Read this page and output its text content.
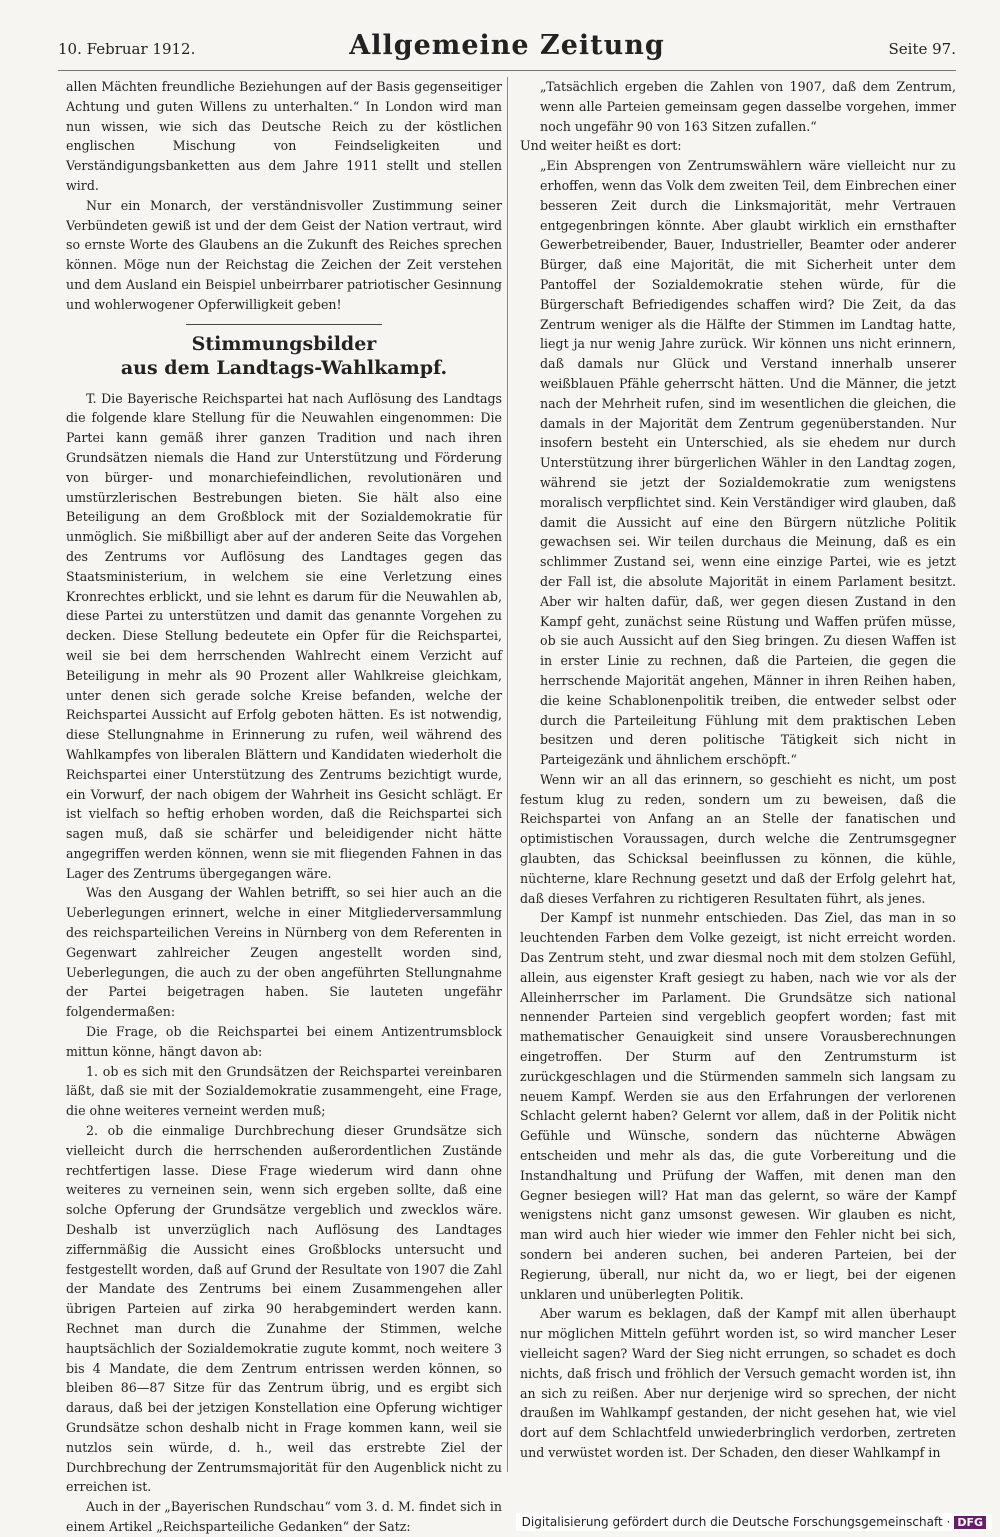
10. Februar 1912.	Allgemeine Zeitung	Seite 97.

allen Mächten freundliche Beziehungen auf der Basis gegenseitiger Achtung und guten Willens zu unterhalten.“ In London wird man nun wissen, wie sich das Deutsche Reich zu der köstlichen englischen Mischung von Feindseligkeiten und Verständigungsbanketten aus dem Jahre 1911 stellt und stellen wird.

Nur ein Monarch, der verständnisvoller Zustimmung seiner Verbündeten gewiß ist und der dem Geist der Nation vertraut, wird so ernste Worte des Glaubens an die Zukunft des Reiches sprechen können. Möge nun der Reichstag die Zeichen der Zeit verstehen und dem Ausland ein Beispiel unbeirrbarer patriotischer Gesinnung und wohlerwogener Opferwilligkeit geben!

Stimmungsbilder
aus dem Landtags-Wahlkampf.

T. Die Bayerische Reichspartei hat nach Auflösung des Landtags die folgende klare Stellung für die Neuwahlen eingenommen: Die Partei kann gemäß ihrer ganzen Tradition und nach ihren Grundsätzen niemals die Hand zur Unterstützung und Förderung von bürger- und monarchiefeindlichen, revolutionären und umstürzlerischen Bestrebungen bieten. Sie hält also eine Beteiligung an dem Großblock mit der Sozialdemokratie für unmöglich. Sie mißbilligt aber auf der anderen Seite das Vorgehen des Zentrums vor Auflösung des Landtages gegen das Staatsministerium, in welchem sie eine Verletzung eines Kronrechtes erblickt, und sie lehnt es darum für die Neuwahlen ab, diese Partei zu unterstützen und damit das genannte Vorgehen zu decken. Diese Stellung bedeutete ein Opfer für die Reichspartei, weil sie bei dem herrschenden Wahlrecht einem Verzicht auf Beteiligung in mehr als 90 Prozent aller Wahlkreise gleichkam, unter denen sich gerade solche Kreise befanden, welche der Reichspartei Aussicht auf Erfolg geboten hätten. Es ist notwendig, diese Stellungnahme in Erinnerung zu rufen, weil während des Wahlkampfes von liberalen Blättern und Kandidaten wiederholt die Reichspartei einer Unterstützung des Zentrums bezichtigt wurde, ein Vorwurf, der nach obigem der Wahrheit ins Gesicht schlägt. Er ist vielfach so heftig erhoben worden, daß die Reichspartei sich sagen muß, daß sie schärfer und beleidigender nicht hätte angegriffen werden können, wenn sie mit fliegenden Fahnen in das Lager des Zentrums übergegangen wäre.

Was den Ausgang der Wahlen betrifft, so sei hier auch an die Ueberlegungen erinnert, welche in einer Mitgliederversammlung des reichsparteilichen Vereins in Nürnberg von dem Referenten in Gegenwart zahlreicher Zeugen angestellt worden sind, Ueberlegungen, die auch zu der oben angeführten Stellungnahme der Partei beigetragen haben. Sie lauteten ungefähr folgendermaßen:

Die Frage, ob die Reichspartei bei einem Antizentrumsblock mittun könne, hängt davon ab:

1. ob es sich mit den Grundsätzen der Reichspartei vereinbaren läßt, daß sie mit der Sozialdemokratie zusammengeht, eine Frage, die ohne weiteres verneint werden muß;

2. ob die einmalige Durchbrechung dieser Grundsätze sich vielleicht durch die herrschenden außerordentlichen Zustände rechtfertigen lasse. Diese Frage wiederum wird dann ohne weiteres zu verneinen sein, wenn sich ergeben sollte, daß eine solche Opferung der Grundsätze vergeblich und zwecklos wäre. Deshalb ist unverzüglich nach Auflösung des Landtages ziffernmäßig die Aussicht eines Großblocks untersucht und festgestellt worden, daß auf Grund der Resultate von 1907 die Zahl der Mandate des Zentrums bei einem Zusammengehen aller übrigen Parteien auf zirka 90 herabgemindert werden kann. Rechnet man durch die Zunahme der Stimmen, welche hauptsächlich der Sozialdemokratie zugute kommt, noch weitere 3 bis 4 Mandate, die dem Zentrum entrissen werden können, so bleiben 86—87 Sitze für das Zentrum übrig, und es ergibt sich daraus, daß bei der jetzigen Konstellation eine Opferung wichtiger Grundsätze schon deshalb nicht in Frage kommen kann, weil sie nutzlos sein würde, d. h., weil das erstrebte Ziel der Durchbrechung der Zentrumsmajorität für den Augenblick nicht zu erreichen ist.

Auch in der „Bayerischen Rundschau“ vom 3. d. M. findet sich in einem Artikel „Reichsparteiliche Gedanken“ der Satz:

„Tatsächlich ergeben die Zahlen von 1907, daß dem Zentrum, wenn alle Parteien gemeinsam gegen dasselbe vorgehen, immer noch ungefähr 90 von 163 Sitzen zufallen.“

Und weiter heißt es dort:

„Ein Absprengen von Zentrumswählern wäre vielleicht nur zu erhoffen, wenn das Volk dem zweiten Teil, dem Einbrechen einer besseren Zeit durch die Linksmajorität, mehr Vertrauen entgegenbringen könnte. Aber glaubt wirklich ein ernsthafter Gewerbetreibender, Bauer, Industrieller, Beamter oder anderer Bürger, daß eine Majorität, die mit Sicherheit unter dem Pantoffel der Sozialdemokratie stehen würde, für die Bürgerschaft Befriedigendes schaffen wird? Die Zeit, da das Zentrum weniger als die Hälfte der Stimmen im Landtag hatte, liegt ja nur wenig Jahre zurück. Wir können uns nicht erinnern, daß damals nur Glück und Verstand innerhalb unserer weißblauen Pfähle geherrscht hätten. Und die Männer, die jetzt nach der Mehrheit rufen, sind im wesentlichen die gleichen, die damals in der Majorität dem Zentrum gegenüberstanden. Nur insofern besteht ein Unterschied, als sie ehedem nur durch Unterstützung ihrer bürgerlichen Wähler in den Landtag zogen, während sie jetzt der Sozialdemokratie zum wenigstens moralisch verpflichtet sind. Kein Verständiger wird glauben, daß damit die Aussicht auf eine den Bürgern nützliche Politik gewachsen sei. Wir teilen durchaus die Meinung, daß es ein schlimmer Zustand sei, wenn eine einzige Partei, wie es jetzt der Fall ist, die absolute Majorität in einem Parlament besitzt. Aber wir halten dafür, daß, wer gegen diesen Zustand in den Kampf geht, zunächst seine Rüstung und Waffen prüfen müsse, ob sie auch Aussicht auf den Sieg bringen. Zu diesen Waffen ist in erster Linie zu rechnen, daß die Parteien, die gegen die herrschende Majorität angehen, Männer in ihren Reihen haben, die keine Schablonenpolitik treiben, die entweder selbst oder durch die Parteileitung Fühlung mit dem praktischen Leben besitzen und deren politische Tätigkeit sich nicht in Parteigezänk und ähnlichem erschöpft.“

Wenn wir an all das erinnern, so geschieht es nicht, um post festum klug zu reden, sondern um zu beweisen, daß die Reichspartei von Anfang an an Stelle der fanatischen und optimistischen Voraussagen, durch welche die Zentrumsgegner glaubten, das Schicksal beeinflussen zu können, die kühle, nüchterne, klare Rechnung gesetzt und daß der Erfolg gelehrt hat, daß dieses Verfahren zu richtigeren Resultaten führt, als jenes.

Der Kampf ist nunmehr entschieden. Das Ziel, das man in so leuchtenden Farben dem Volke gezeigt, ist nicht erreicht worden. Das Zentrum steht, und zwar diesmal noch mit dem stolzen Gefühl, allein, aus eigenster Kraft gesiegt zu haben, nach wie vor als der Alleinherrscher im Parlament. Die Grundsätze sich national nennender Parteien sind vergeblich geopfert worden; fast mit mathematischer Genauigkeit sind unsere Vorausberechnungen eingetroffen. Der Sturm auf den Zentrumsturm ist zurückgeschlagen und die Stürmenden sammeln sich langsam zu neuem Kampf. Werden sie aus den Erfahrungen der verlorenen Schlacht gelernt haben? Gelernt vor allem, daß in der Politik nicht Gefühle und Wünsche, sondern das nüchterne Abwägen entscheiden und mehr als das, die gute Vorbereitung und die Instandhaltung und Prüfung der Waffen, mit denen man den Gegner besiegen will? Hat man das gelernt, so wäre der Kampf wenigstens nicht ganz umsonst gewesen. Wir glauben es nicht, man wird auch hier wieder wie immer den Fehler nicht bei sich, sondern bei anderen suchen, bei anderen Parteien, bei der Regierung, überall, nur nicht da, wo er liegt, bei der eigenen unklaren und unüberlegten Politik.

Aber warum es beklagen, daß der Kampf mit allen überhaupt nur möglichen Mitteln geführt worden ist, so wird mancher Leser vielleicht sagen? Ward der Sieg nicht errungen, so schadet es doch nichts, daß frisch und fröhlich der Versuch gemacht worden ist, ihn an sich zu reißen. Aber nur derjenige wird so sprechen, der nicht draußen im Wahlkampf gestanden, der nicht gesehen hat, wie viel dort auf dem Schlachtfeld unwiederbringlich verdorben, zertreten und verwüstet worden ist. Der Schaden, den dieser Wahlkampf in

Digitalisierung gefördert durch die Deutsche Forschungsgemeinschaft · DFG
